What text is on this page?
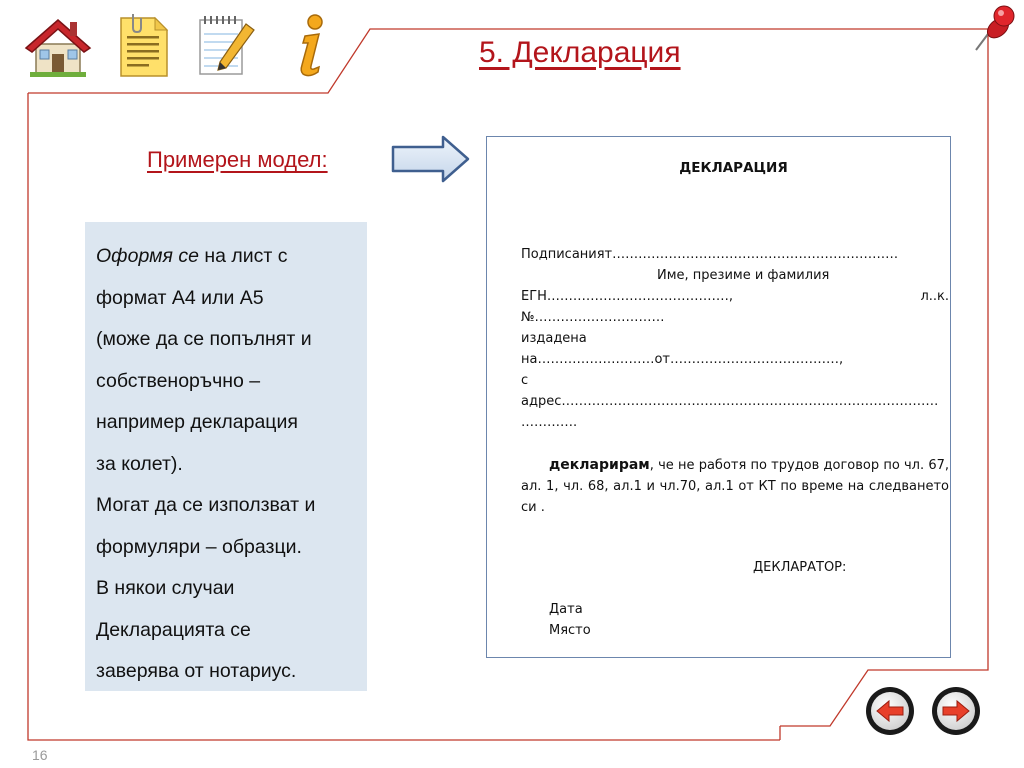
5. Декларация
Примерен модел:

Оформя се на лист с

формат А4 или А5

(може да се попълнят и

собственоръчно –

например декларация

за колет).

Могат да се използват и

формуляри – образци.

В някои случаи

Декларацията се

заверява от нотариус.

ДЕКЛАРАЦИЯ
Подписаният…………………………………………………………
Име, презиме и фамилия
ЕГН……………………………………,	л..к.
№…………………………
издадена
на………………………от…………………………………,
с
адрес……………………………………………………………………………
………….
декларирам, че не работя по трудов договор по чл. 67, ал. 1, чл. 68, ал.1 и чл.70, ал.1 от КТ по време на следването си .
ДЕКЛАРАТОР:
Дата
Място
16
